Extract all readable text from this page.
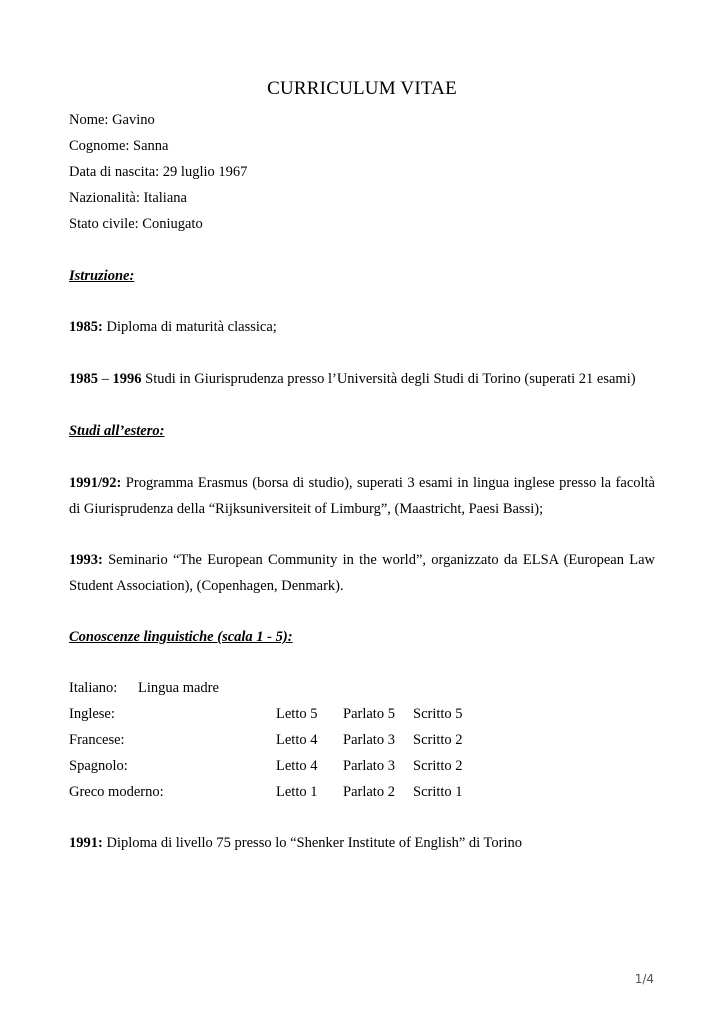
CURRICULUM VITAE
Nome: Gavino
Cognome: Sanna
Data di nascita: 29 luglio 1967
Nazionalità: Italiana
Stato civile: Coniugato
Istruzione:
1985: Diploma di maturità classica;
1985 – 1996 Studi in Giurisprudenza presso l’Università degli Studi di Torino (superati 21 esami)
Studi all’estero:
1991/92: Programma Erasmus (borsa di studio), superati 3 esami in lingua inglese presso la facoltà
di Giurisprudenza della “Rijksuniversiteit of Limburg”, (Maastricht, Paesi Bassi);
1993: Seminario “The European Community in the world”, organizzato da ELSA (European Law
Student Association), (Copenhagen, Denmark).
Conoscenze linguistiche (scala 1 - 5):
Italiano: Lingua madre
Inglese:	Letto 5 Parlato 5 Scritto 5
Francese:	Letto 4 Parlato 3 Scritto 2
Spagnolo:	Letto 4 Parlato 3 Scritto 2
Greco moderno:	Letto 1 Parlato 2 Scritto 1
1991: Diploma di livello 75 presso lo “Shenker Institute of English” di Torino
1/4
